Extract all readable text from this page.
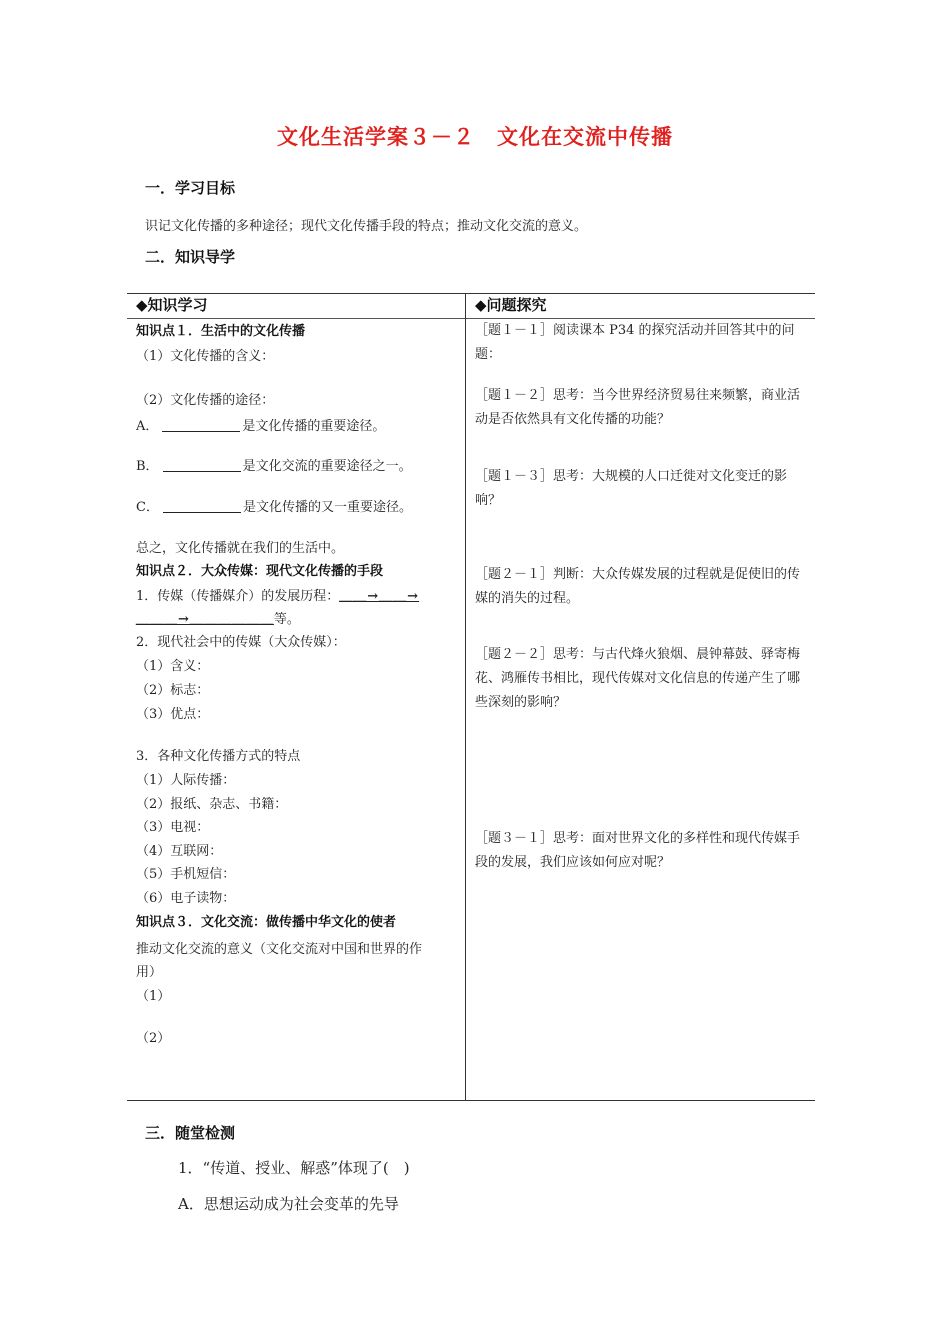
文化生活学案３－２　文化在交流中传播
一．学习目标
识记文化传播的多种途径；现代文化传播手段的特点；推动文化交流的意义。
二．知识导学
◆知识学习	◆问题探究
知识点１．生活中的文化传播
（1）文化传播的含义：
（2）文化传播的途径：
A．	是文化传播的重要途径。
B．	是文化交流的重要途径之一。
C．	是文化传播的又一重要途径。
总之，文化传播就在我们的生活中。
知识点２．大众传媒：现代文化传播的手段
1．传媒（传播媒介）的发展历程：＿＿→＿＿→
＿＿＿→＿＿＿＿＿＿等。
2．现代社会中的传媒（大众传媒）：
（1）含义：
（2）标志：
（3）优点：
3．各种文化传播方式的特点
（1）人际传播：
（2）报纸、杂志、书籍：
（3）电视：
（4）互联网：
（5）手机短信：
（6）电子读物：
知识点３．文化交流：做传播中华文化的使者
推动文化交流的意义（文化交流对中国和世界的作
用）
（1）
（2）
［题１－１］阅读课本 P34 的探究活动并回答其中的问题：
［题１－２］思考：当今世界经济贸易往来频繁，商业活动是否依然具有文化传播的功能？
［题１－３］思考：大规模的人口迁徙对文化变迁的影响？
［题２－１］判断：大众传媒发展的过程就是促使旧的传媒的消失的过程。
［题２－２］思考：与古代烽火狼烟、晨钟幕鼓、驿寄梅花、鸿雁传书相比，现代传媒对文化信息的传递产生了哪些深刻的影响？
［题３－１］思考：面对世界文化的多样性和现代传媒手段的发展，我们应该如何应对呢？
三．随堂检测
1．“传道、授业、解惑”体现了(　)
A．思想运动成为社会变革的先导
